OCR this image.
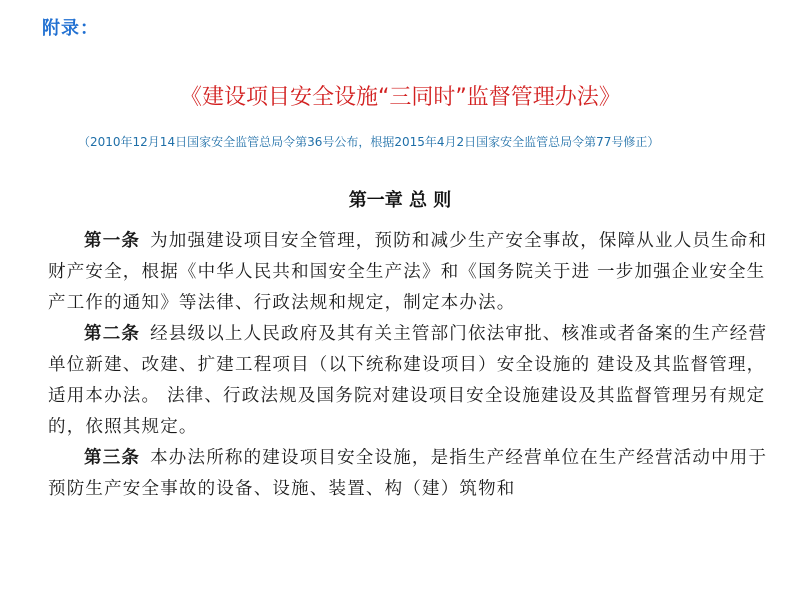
附录：
《建设项目安全设施“三同时”监督管理办法》
（2010年12月14日国家安全监管总局令第36号公布，根据2015年4月2日国家安全监管总局令第77号修正）
第一章 总 则

第一条 为加强建设项目安全管理，预防和减少生产安全事故，保障从业人员生命和财产安全，根据《中华人民共和国安全生产法》和《国务院关于进 一步加强企业安全生产工作的通知》等法律、行政法规和规定，制定本办法。

第二条 经县级以上人民政府及其有关主管部门依法审批、核准或者备案的生产经营单位新建、改建、扩建工程项目（以下统称建设项目）安全设施的 建设及其监督管理，适用本办法。 法律、行政法规及国务院对建设项目安全设施建设及其监督管理另有规定的，依照其规定。

第三条 本办法所称的建设项目安全设施，是指生产经营单位在生产经营活动中用于预防生产安全事故的设备、设施、装置、构（建）筑物和
